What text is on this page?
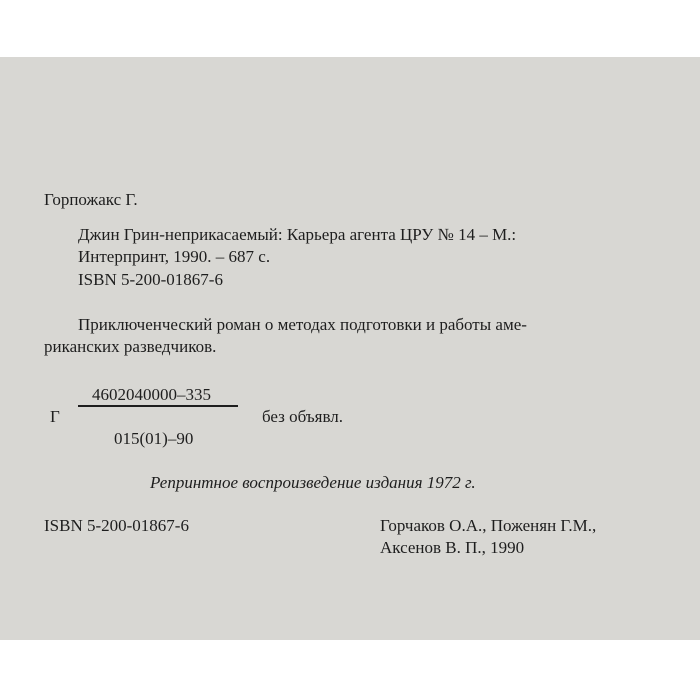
Горпожакс Г.
Джин Грин-неприкасаемый: Карьера агента ЦРУ № 14 – М.:
Интерпринт, 1990. – 687 с.
ISBN 5-200-01867-6
Приключенческий роман о методах подготовки и работы аме-
риканских разведчиков.
4602040000–335
Г	без объявл.
015(01)–90
Репринтное воспроизведение издания 1972 г.
ISBN 5-200-01867-6	Горчаков О.А., Поженян Г.М.,
Аксенов В. П., 1990
